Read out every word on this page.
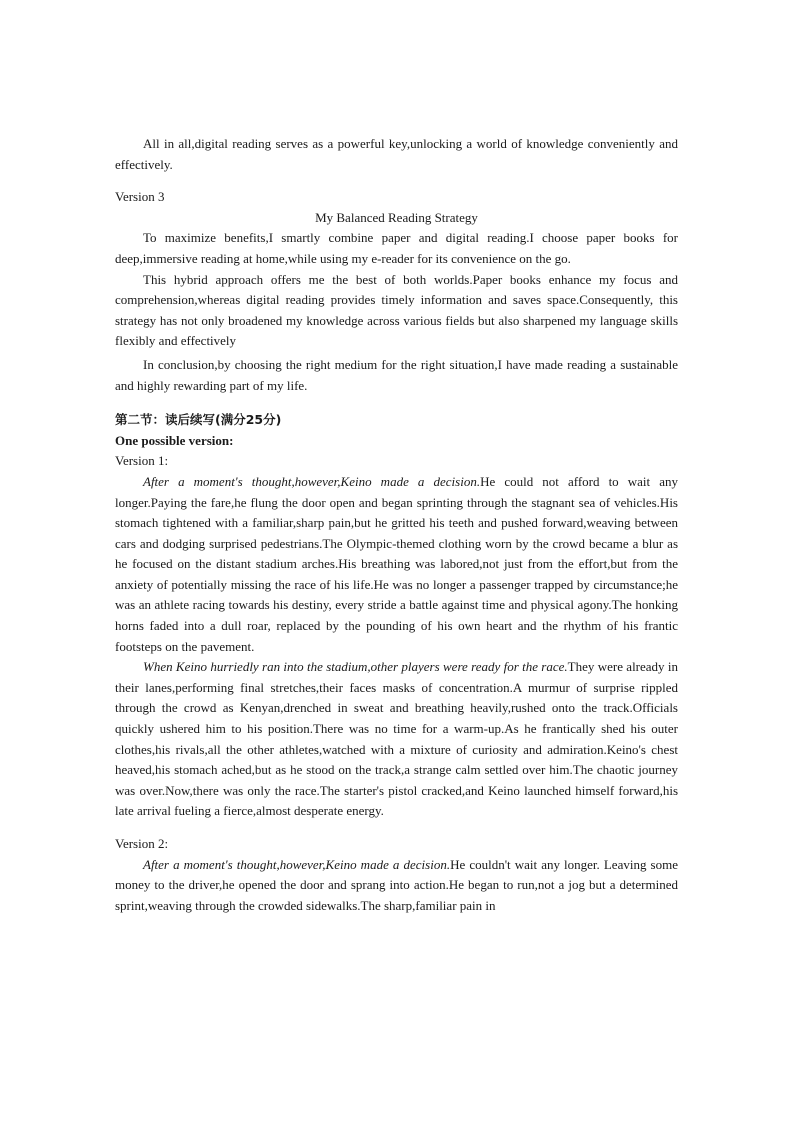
All in all,digital reading serves as a powerful key,unlocking a world of knowledge conveniently and effectively.

Version 3

My Balanced Reading Strategy

To maximize benefits,I smartly combine paper and digital reading.I choose paper books for deep,immersive reading at home,while using my e-reader for its convenience on the go.

This hybrid approach offers me the best of both worlds.Paper books enhance my focus and comprehension,whereas digital reading provides timely information and saves space.Consequently, this strategy has not only broadened my knowledge across various fields but also sharpened my language skills flexibly and effectively

In conclusion,by choosing the right medium for the right situation,I have made reading a sustainable and highly rewarding part of my life.

第二节：读后续写(满分25分)

One possible version:

Version 1:

After a moment's thought,however,Keino made a decision.He could not afford to wait any longer.Paying the fare,he flung the door open and began sprinting through the stagnant sea of vehicles.His stomach tightened with a familiar,sharp pain,but he gritted his teeth and pushed forward,weaving between cars and dodging surprised pedestrians.The Olympic-themed clothing worn by the crowd became a blur as he focused on the distant stadium arches.His breathing was labored,not just from the effort,but from the anxiety of potentially missing the race of his life.He was no longer a passenger trapped by circumstance;he was an athlete racing towards his destiny, every stride a battle against time and physical agony.The honking horns faded into a dull roar, replaced by the pounding of his own heart and the rhythm of his frantic footsteps on the pavement.

When Keino hurriedly ran into the stadium,other players were ready for the race.They were already in their lanes,performing final stretches,their faces masks of concentration.A murmur of surprise rippled through the crowd as Kenyan,drenched in sweat and breathing heavily,rushed onto the track.Officials quickly ushered him to his position.There was no time for a warm-up.As he frantically shed his outer clothes,his rivals,all the other athletes,watched with a mixture of curiosity and admiration.Keino's chest heaved,his stomach ached,but as he stood on the track,a strange calm settled over him.The chaotic journey was over.Now,there was only the race.The starter's pistol cracked,and Keino launched himself forward,his late arrival fueling a fierce,almost desperate energy.

Version 2:

After a moment's thought,however,Keino made a decision.He couldn't wait any longer. Leaving some money to the driver,he opened the door and sprang into action.He began to run,not a jog but a determined sprint,weaving through the crowded sidewalks.The sharp,familiar pain in
